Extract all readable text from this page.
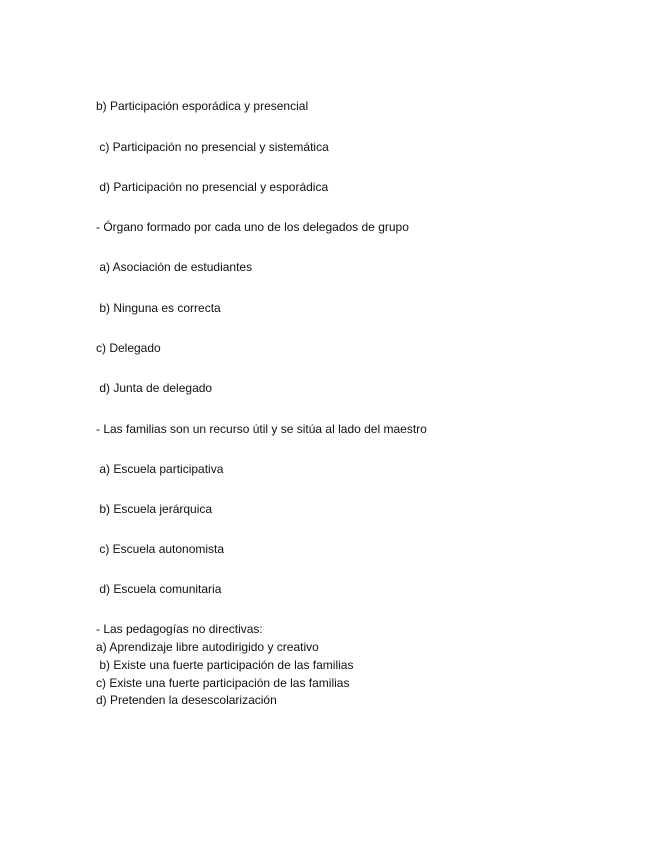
b) Participación esporádica y presencial
c) Participación no presencial y sistemática
d) Participación no presencial y esporádica
- Órgano formado por cada uno de los delegados de grupo
a) Asociación de estudiantes
b) Ninguna es correcta
c) Delegado
d) Junta de delegado
- Las familias son un recurso útil y se sitúa al lado del maestro
a) Escuela participativa
b) Escuela jerárquica
c) Escuela autonomista
d) Escuela comunitaria
- Las pedagogías no directivas:
a) Aprendizaje libre autodirigido y creativo
b) Existe una fuerte participación de las familias
c) Existe una fuerte participación de las familias
d) Pretenden la desescolarización
